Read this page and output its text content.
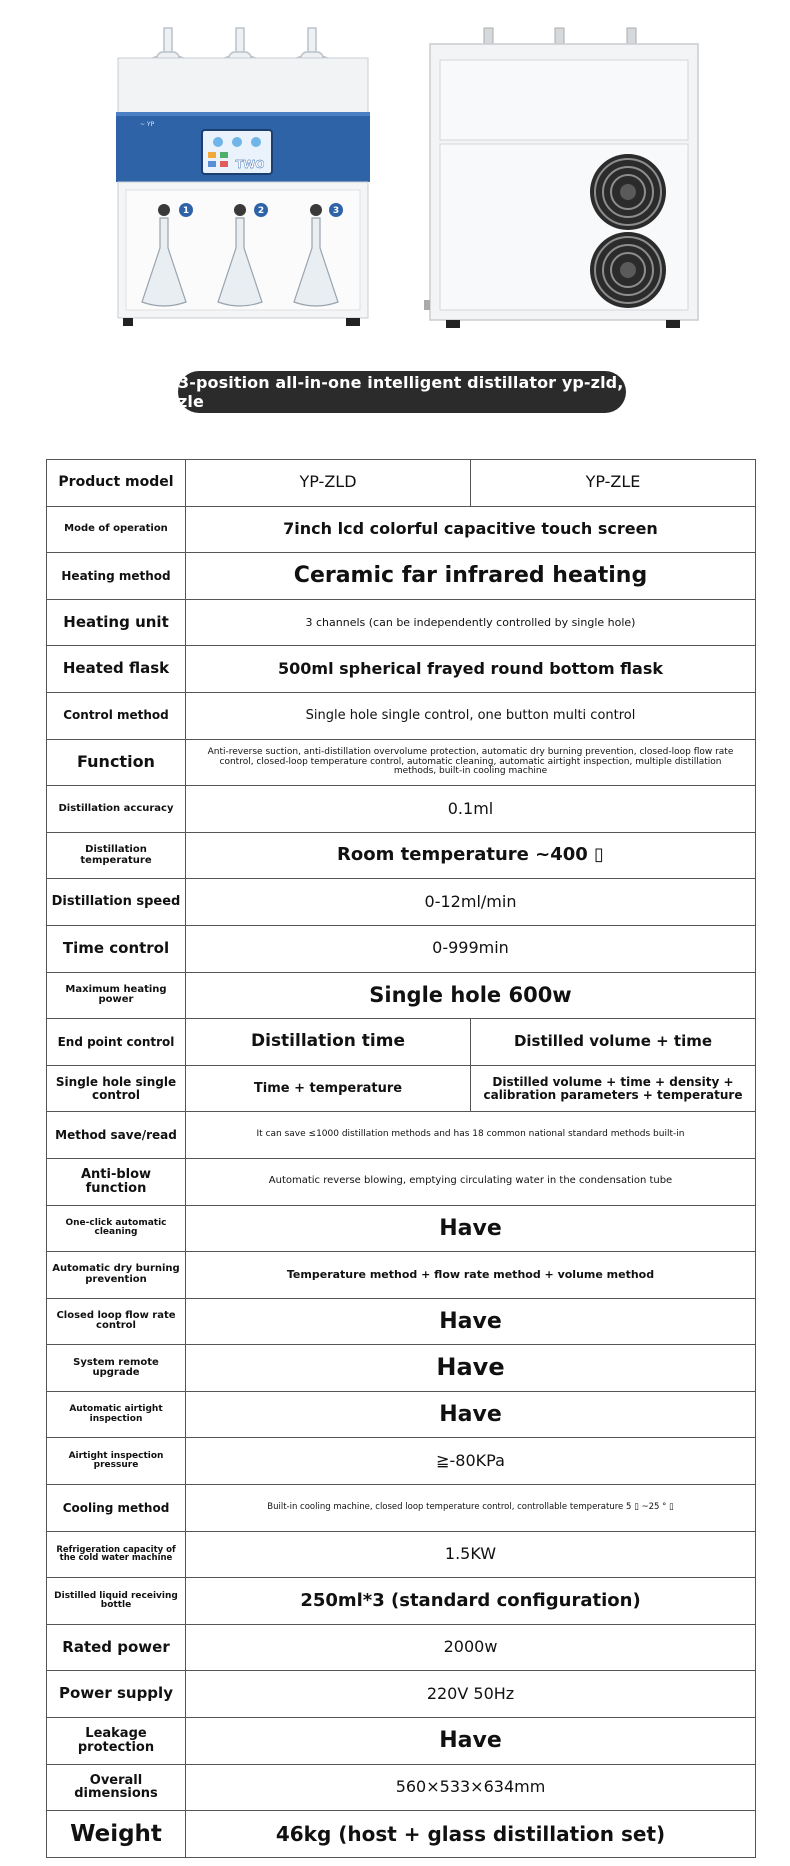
~ YP
TWO
1	2	3
3-position all-in-one intelligent distillator yp-zld, zle
Product model	YP-ZLD	YP-ZLE
Mode of operation	7inch lcd colorful capacitive touch screen	
Heating method	Ceramic far infrared heating	
Heating unit	3 channels (can be independently controlled by single hole)	
Heated flask	500ml spherical frayed round bottom flask	
Control method	Single hole single control, one button multi control	
Function	Anti-reverse suction, anti-distillation overvolume protection, automatic dry burning prevention, closed-loop flow rate control, closed-loop temperature control, automatic cleaning, automatic airtight inspection, multiple distillation methods, built-in cooling machine	
Distillation accuracy	0.1ml	
Distillation temperature	Room temperature ~400 ▯	
Distillation speed	0-12ml/min	
Time control	0-999min	
Maximum heating power	Single hole 600w	
End point control	Distillation time	Distilled volume + time
Single hole single control	Time + temperature	Distilled volume + time + density + calibration parameters + temperature
Method save/read	It can save ≤1000 distillation methods and has 18 common national standard methods built-in	
Anti-blow function	Automatic reverse blowing, emptying circulating water in the condensation tube	
One-click automatic cleaning	Have	
Automatic dry burning prevention	Temperature method + flow rate method + volume method	
Closed loop flow rate control	Have	
System remote upgrade	Have	
Automatic airtight inspection	Have	
Airtight inspection pressure	≧-80KPa	
Cooling method	Built-in cooling machine, closed loop temperature control, controllable temperature 5 ▯ ~25 ° ▯	
Refrigeration capacity of the cold water machine	1.5KW	
Distilled liquid receiving bottle	250ml*3 (standard configuration)	
Rated power	2000w	
Power supply	220V 50Hz	
Leakage protection	Have	
Overall dimensions	560×533×634mm	
Weight	46kg (host + glass distillation set)	
